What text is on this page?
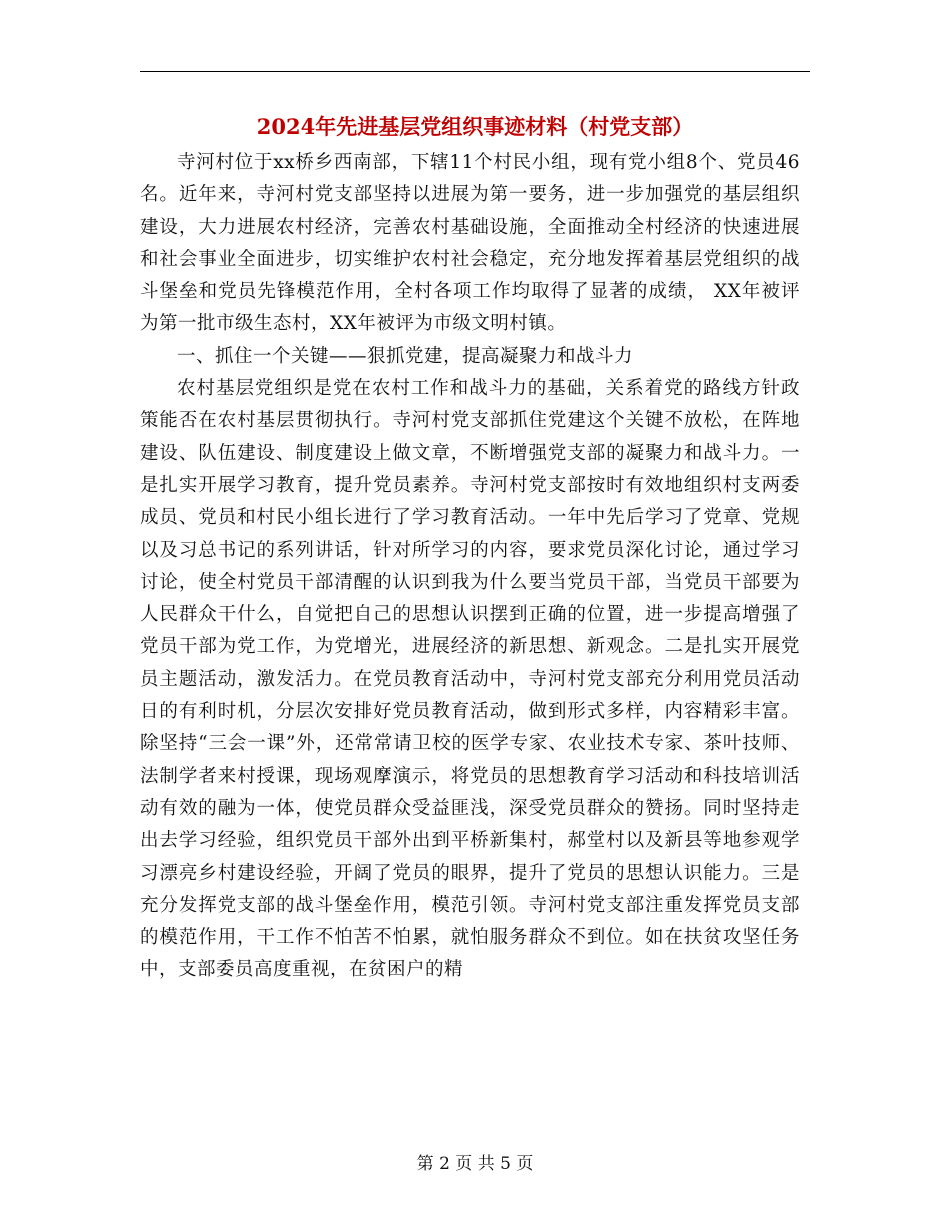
2024年先进基层党组织事迹材料（村党支部）

寺河村位于xx桥乡西南部，下辖11个村民小组，现有党小组8个、党员46名。近年来，寺河村党支部坚持以进展为第一要务，进一步加强党的基层组织建设，大力进展农村经济，完善农村基础设施，全面推动全村经济的快速进展和社会事业全面进步，切实维护农村社会稳定，充分地发挥着基层党组织的战斗堡垒和党员先锋模范作用，全村各项工作均取得了显著的成绩， XX年被评为第一批市级生态村，XX年被评为市级文明村镇。

一、抓住一个关键——狠抓党建，提高凝聚力和战斗力

农村基层党组织是党在农村工作和战斗力的基础，关系着党的路线方针政策能否在农村基层贯彻执行。寺河村党支部抓住党建这个关键不放松，在阵地建设、队伍建设、制度建设上做文章，不断增强党支部的凝聚力和战斗力。一是扎实开展学习教育，提升党员素养。寺河村党支部按时有效地组织村支两委成员、党员和村民小组长进行了学习教育活动。一年中先后学习了党章、党规以及习总书记的系列讲话，针对所学习的内容，要求党员深化讨论，通过学习讨论，使全村党员干部清醒的认识到我为什么要当党员干部，当党员干部要为人民群众干什么，自觉把自己的思想认识摆到正确的位置，进一步提高增强了党员干部为党工作，为党增光，进展经济的新思想、新观念。二是扎实开展党员主题活动，激发活力。在党员教育活动中，寺河村党支部充分利用党员活动日的有利时机，分层次安排好党员教育活动，做到形式多样，内容精彩丰富。除坚持“三会一课”外，还常常请卫校的医学专家、农业技术专家、茶叶技师、法制学者来村授课，现场观摩演示，将党员的思想教育学习活动和科技培训活动有效的融为一体，使党员群众受益匪浅，深受党员群众的赞扬。同时坚持走出去学习经验，组织党员干部外出到平桥新集村，郝堂村以及新县等地参观学习漂亮乡村建设经验，开阔了党员的眼界，提升了党员的思想认识能力。三是充分发挥党支部的战斗堡垒作用，模范引领。寺河村党支部注重发挥党员支部的模范作用，干工作不怕苦不怕累，就怕服务群众不到位。如在扶贫攻坚任务中，支部委员高度重视，在贫困户的精

第 2 页 共 5 页
